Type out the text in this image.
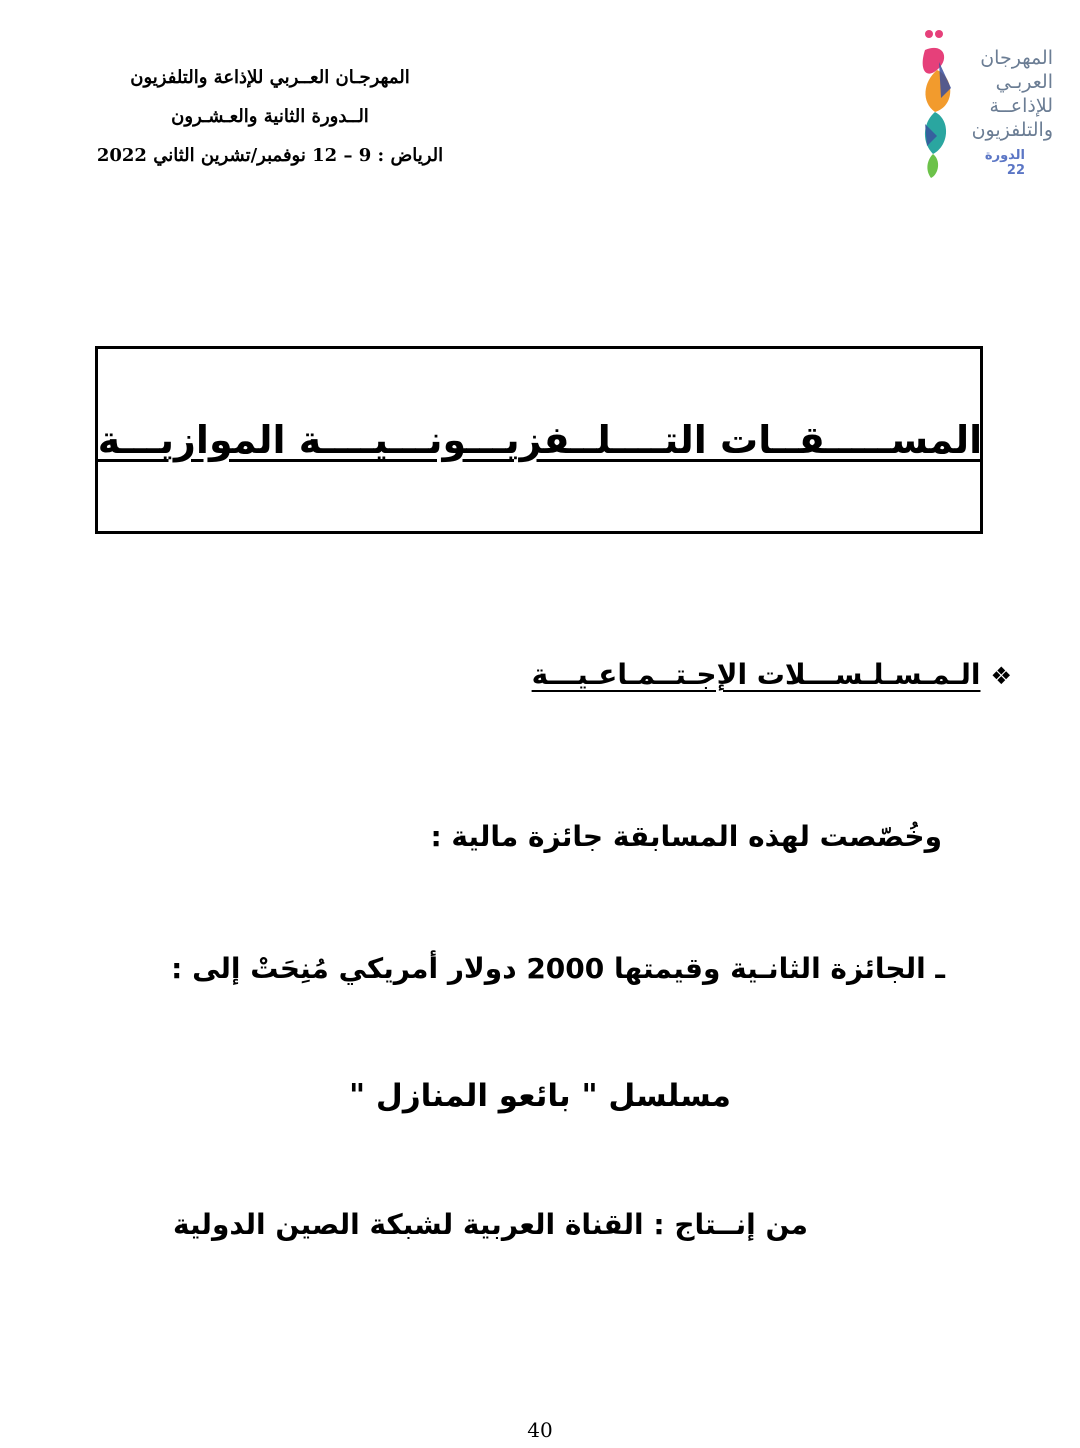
المهرجـان العــربي للإذاعة والتلفزيون
الــدورة الثانية والعـشـرون
الرياض : 9 – 12 نوفمبر/تشرين الثاني 2022
المهرجان العربـي للإذاعــة والتلفزيون
الدورة 22
المســـــقــات التــــلــفزيـــونـــيــــة الموازيـــة
❖الـمـسـلـســـلات الإجـتــمـاعـيـــة
وخُصّصت لهذه المسابقة جائزة مالية :
ـ الجائزة الثانـية وقيمتها 2000 دولار أمريكي مُنِحَتْ إلى :
مسلسل " بائعو المنازل "
من إنــتاج : القناة العربية لشبكة الصين الدولية
40
